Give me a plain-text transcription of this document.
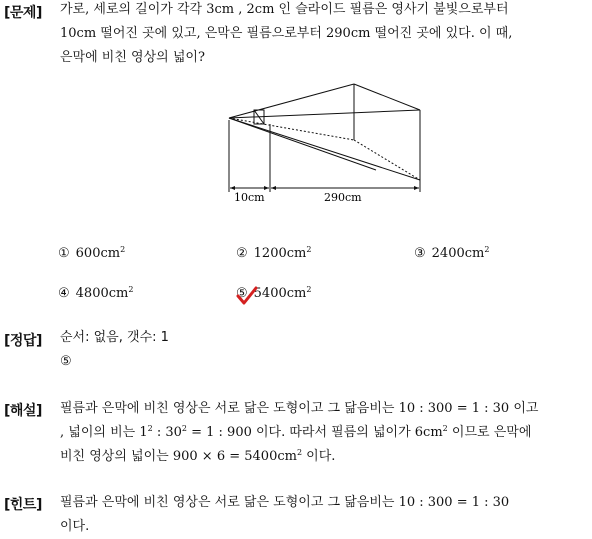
[문제] 가로, 세로의 길이가 각각 3cm , 2cm 인 슬라이드 필름은 영사기 불빛으로부터
10cm 떨어진 곳에 있고, 은막은 필름으로부터 290cm 떨어진 곳에 있다. 이 때,
은막에 비친 영상의 넓이?
10cm	290cm
① $600cm^2$	② $1200cm^2$	③ $2400cm^2$
④ $4800cm^2$	⑤ $5400cm^2$
[정답] 순서: 없음, 갯수: 1
⑤
[해설] 필름과 은막에 비친 영상은 서로 닮은 도형이고 그 닮음비는 10 : 300 = 1 : 30 이고
, 넓이의 비는 $1^2$ : $30^2 = 1$ : 900 이다. 따라서 필름의 넓이가 $6cm^2$ 이므로 은막에
비친 영상의 넓이는 $900 \times 6 = 5400cm^2$ 이다.
[힌트] 필름과 은막에 비친 영상은 서로 닮은 도형이고 그 닮음비는 10 : 300 = 1 : 30
이다.
